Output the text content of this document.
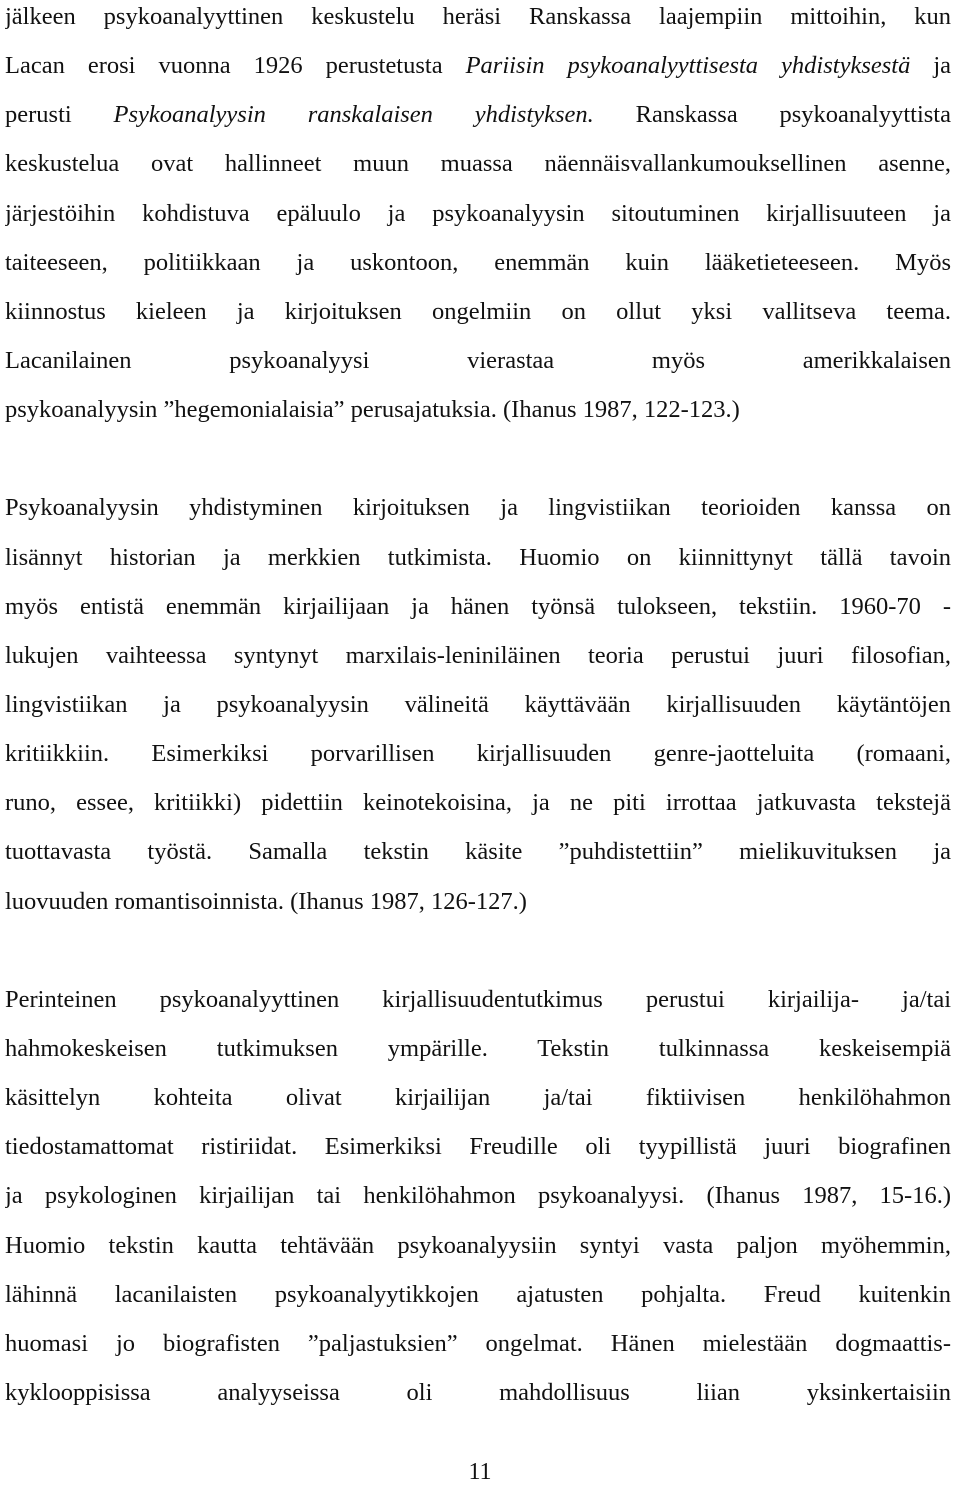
jälkeen psykoanalyyttinen keskustelu heräsi Ranskassa laajempiin mittoihin, kun
Lacan erosi vuonna 1926 perustetusta Pariisin psykoanalyyttisesta yhdistyksestä ja
perusti Psykoanalyysin ranskalaisen yhdistyksen. Ranskassa psykoanalyyttista
keskustelua ovat hallinneet muun muassa näennäisvallankumouksellinen asenne,
järjestöihin kohdistuva epäluulo ja psykoanalyysin sitoutuminen kirjallisuuteen ja
taiteeseen, politiikkaan ja uskontoon, enemmän kuin lääketieteeseen. Myös
kiinnostus kieleen ja kirjoituksen ongelmiin on ollut yksi vallitseva teema.
Lacanilainen psykoanalyysi vierastaa myös amerikkalaisen
psykoanalyysin ”hegemonialaisia” perusajatuksia. (Ihanus 1987, 122-123.)
Psykoanalyysin yhdistyminen kirjoituksen ja lingvistiikan teorioiden kanssa on
lisännyt historian ja merkkien tutkimista. Huomio on kiinnittynyt tällä tavoin
myös entistä enemmän kirjailijaan ja hänen työnsä tulokseen, tekstiin. 1960-70 -
lukujen vaihteessa syntynyt marxilais-leniniläinen teoria perustui juuri filosofian,
lingvistiikan ja psykoanalyysin välineitä käyttävään kirjallisuuden käytäntöjen
kritiikkiin. Esimerkiksi porvarillisen kirjallisuuden genre-jaotteluita (romaani,
runo, essee, kritiikki) pidettiin keinotekoisina, ja ne piti irrottaa jatkuvasta tekstejä
tuottavasta työstä. Samalla tekstin käsite ”puhdistettiin” mielikuvituksen ja
luovuuden romantisoinnista. (Ihanus 1987, 126-127.)
Perinteinen psykoanalyyttinen kirjallisuudentutkimus perustui kirjailija- ja/tai
hahmokeskeisen tutkimuksen ympärille. Tekstin tulkinnassa keskeisempiä
käsittelyn kohteita olivat kirjailijan ja/tai fiktiivisen henkilöhahmon
tiedostamattomat ristiriidat. Esimerkiksi Freudille oli tyypillistä juuri biografinen
ja psykologinen kirjailijan tai henkilöhahmon psykoanalyysi. (Ihanus 1987, 15-16.)
Huomio tekstin kautta tehtävään psykoanalyysiin syntyi vasta paljon myöhemmin,
lähinnä lacanilaisten psykoanalyytikkojen ajatusten pohjalta. Freud kuitenkin
huomasi jo biografisten ”paljastuksien” ongelmat. Hänen mielestään dogmaattis-
kyklooppisissa analyyseissa oli mahdollisuus liian yksinkertaisiin
11
